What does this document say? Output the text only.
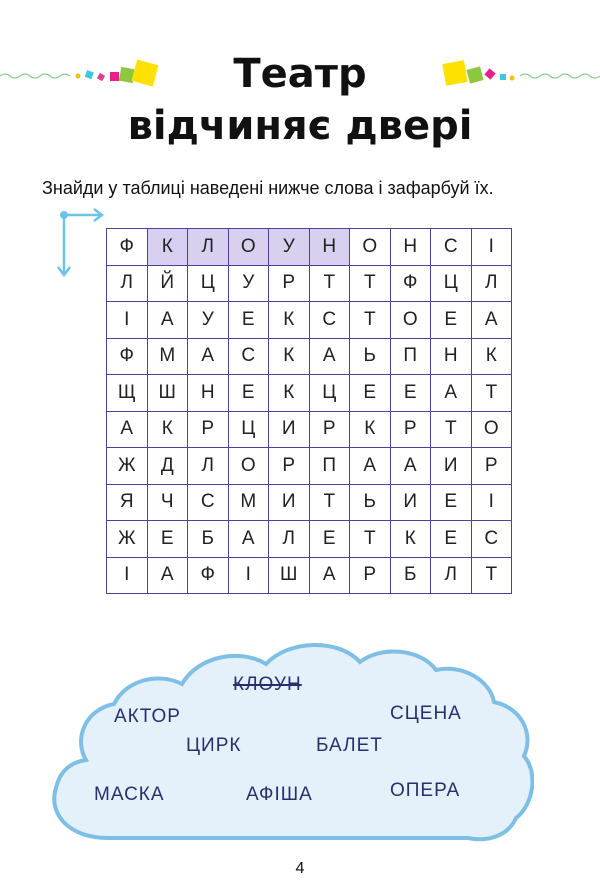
Театр
відчиняє двері
Знайди у таблиці наведені нижче слова і зафарбуй їх.
Ф	К	Л	О	У	Н	О	Н	С	І
Л	Й	Ц	У	Р	Т	Т	Ф	Ц	Л
І	А	У	Е	К	С	Т	О	Е	А
Ф	М	А	С	К	А	Ь	П	Н	К
Щ	Ш	Н	Е	К	Ц	Е	Е	А	Т
А	К	Р	Ц	И	Р	К	Р	Т	О
Ж	Д	Л	О	Р	П	А	А	И	Р
Я	Ч	С	М	И	Т	Ь	И	Е	І
Ж	Е	Б	А	Л	Е	Т	К	Е	С
І	А	Ф	І	Ш	А	Р	Б	Л	Т
КЛОУН
АКТОР	СЦЕНА
ЦИРК	БАЛЕТ
МАСКА	АФІША	ОПЕРА
4
